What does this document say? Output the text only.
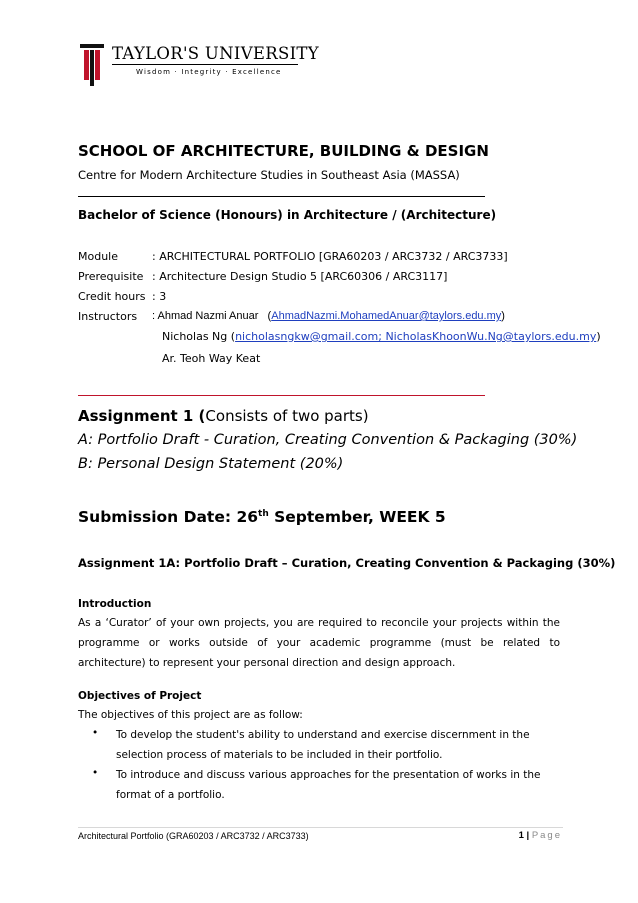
TAYLOR'S UNIVERSITY
Wisdom · Integrity · Excellence
SCHOOL OF ARCHITECTURE, BUILDING & DESIGN
Centre for Modern Architecture Studies in Southeast Asia (MASSA)
Bachelor of Science (Honours) in Architecture / (Architecture)
Module	: ARCHITECTURAL PORTFOLIO [GRA60203 / ARC3732 / ARC3733]
Prerequisite : Architecture Design Studio 5 [ARC60306 / ARC3117]
Credit hours : 3
Instructors : Ahmad Nazmi Anuar   (AhmadNazmi.MohamedAnuar@taylors.edu.my)
Nicholas Ng (nicholasngkw@gmail.com; NicholasKhoonWu.Ng@taylors.edu.my)
Ar. Teoh Way Keat
Assignment 1 (Consists of two parts)
A: Portfolio Draft - Curation, Creating Convention & Packaging (30%)
B: Personal Design Statement (20%)
Submission Date: 26th September, WEEK 5
Assignment 1A: Portfolio Draft – Curation, Creating Convention & Packaging (30%)
Introduction
As a ‘Curator’ of your own projects, you are required to reconcile your projects within the programme or works outside of your academic programme (must be related to architecture) to represent your personal direction and design approach.
Objectives of Project
The objectives of this project are as follow:
• To develop the student's ability to understand and exercise discernment in the selection process of materials to be included in their portfolio.
• To introduce and discuss various approaches for the presentation of works in the format of a portfolio.
Architectural Portfolio (GRA60203 / ARC3732 / ARC3733)	1 | Page
